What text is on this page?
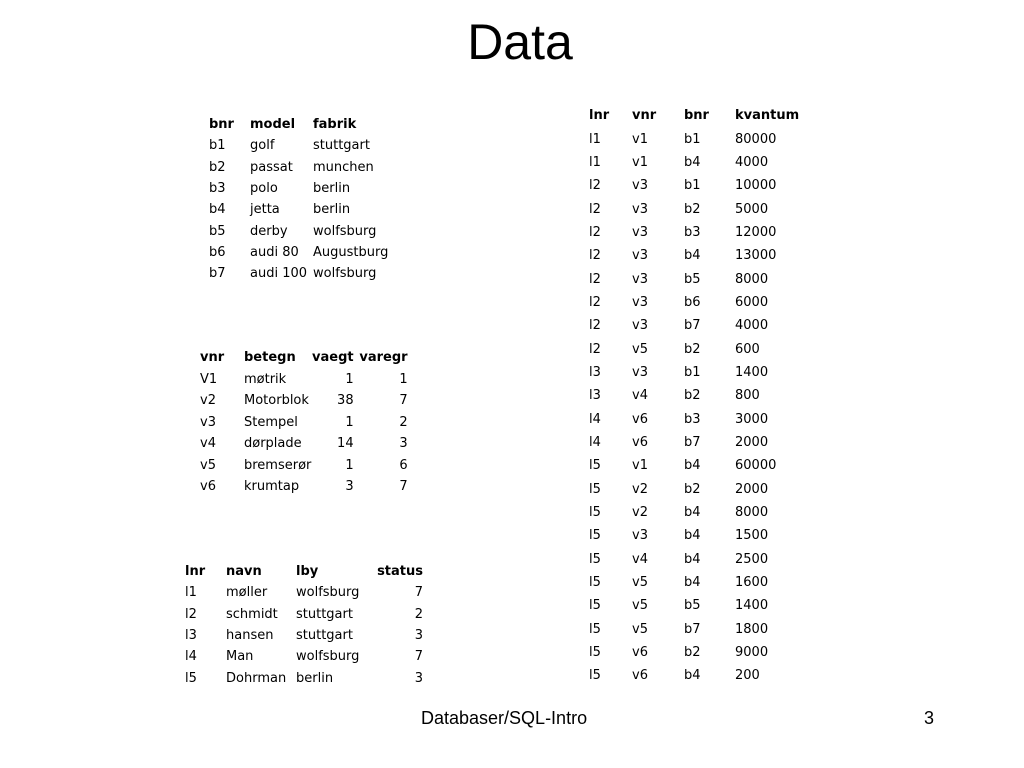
Data
bnr	model	fabrik
b1	golf	stuttgart
b2	passat	munchen
b3	polo	berlin
b4	jetta	berlin
b5	derby	wolfsburg
b6	audi 80	Augustburg
b7	audi 100	wolfsburg
vnr	betegn	vaegt	varegr
V1	møtrik	1	1
v2	Motorblok	38	7
v3	Stempel	1	2
v4	dørplade	14	3
v5	bremserør	1	6
v6	krumtap	3	7
lnr	navn	lby	status
l1	møller	wolfsburg	7
l2	schmidt	stuttgart	2
l3	hansen	stuttgart	3
l4	Man	wolfsburg	7
l5	Dohrman	berlin	3
lnr	vnr	bnr	kvantum
l1	v1	b1	80000
l1	v1	b4	4000
l2	v3	b1	10000
l2	v3	b2	5000
l2	v3	b3	12000
l2	v3	b4	13000
l2	v3	b5	8000
l2	v3	b6	6000
l2	v3	b7	4000
l2	v5	b2	600
l3	v3	b1	1400
l3	v4	b2	800
l4	v6	b3	3000
l4	v6	b7	2000
l5	v1	b4	60000
l5	v2	b2	2000
l5	v2	b4	8000
l5	v3	b4	1500
l5	v4	b4	2500
l5	v5	b4	1600
l5	v5	b5	1400
l5	v5	b7	1800
l5	v6	b2	9000
l5	v6	b4	200
Databaser/SQL-Intro	3
